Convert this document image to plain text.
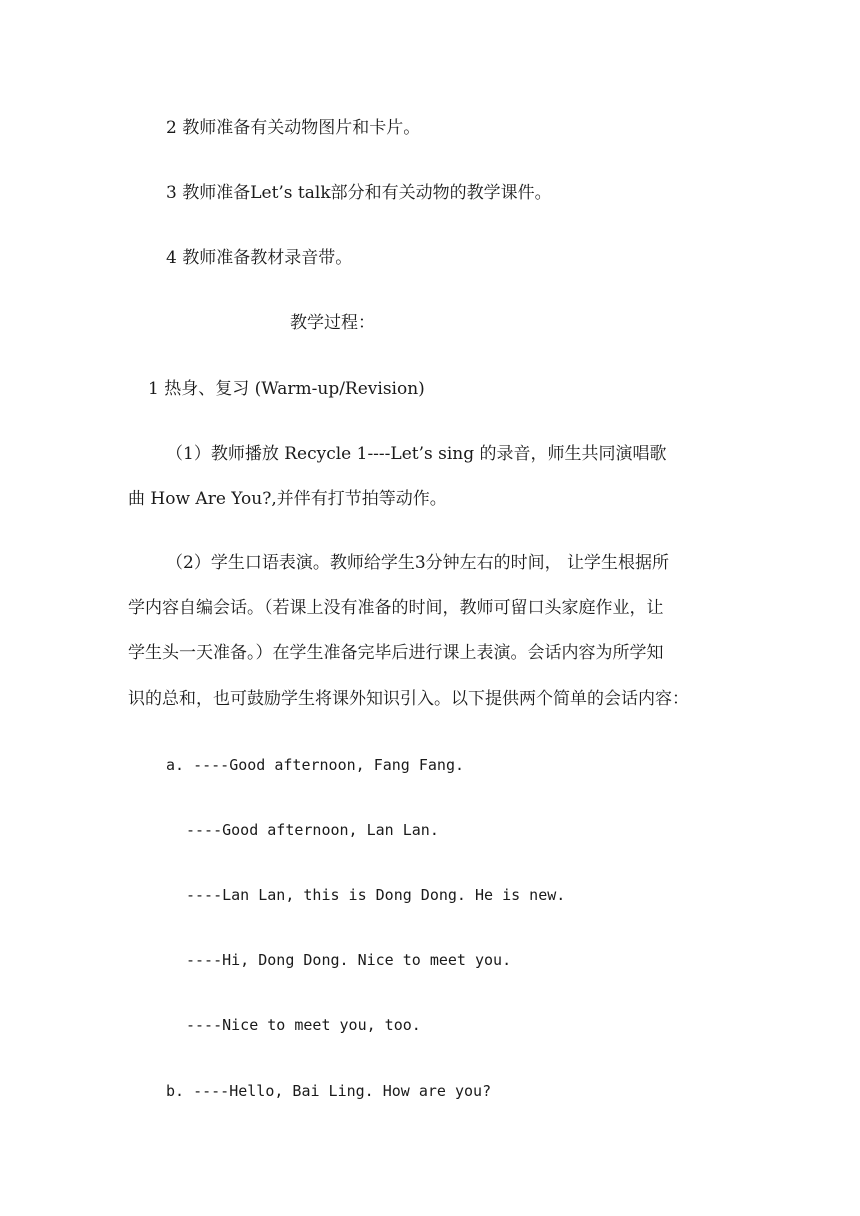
2 教师准备有关动物图片和卡片。
3 教师准备Let’s talk部分和有关动物的教学课件。
4 教师准备教材录音带。
教学过程：
1 热身、复习 (Warm-up/Revision)
（1）教师播放 Recycle 1----Let’s sing 的录音，师生共同演唱歌
曲 How Are You?,并伴有打节拍等动作。
（2）学生口语表演。教师给学生3分钟左右的时间， 让学生根据所
学内容自编会话。（若课上没有准备的时间，教师可留口头家庭作业，让
学生头一天准备。）在学生准备完毕后进行课上表演。会话内容为所学知
识的总和，也可鼓励学生将课外知识引入。以下提供两个简单的会话内容：
a. ----Good afternoon, Fang Fang.
----Good afternoon, Lan Lan.
----Lan Lan, this is Dong Dong. He is new.
----Hi, Dong Dong. Nice to meet you.
----Nice to meet you, too.
b. ----Hello, Bai Ling. How are you?
